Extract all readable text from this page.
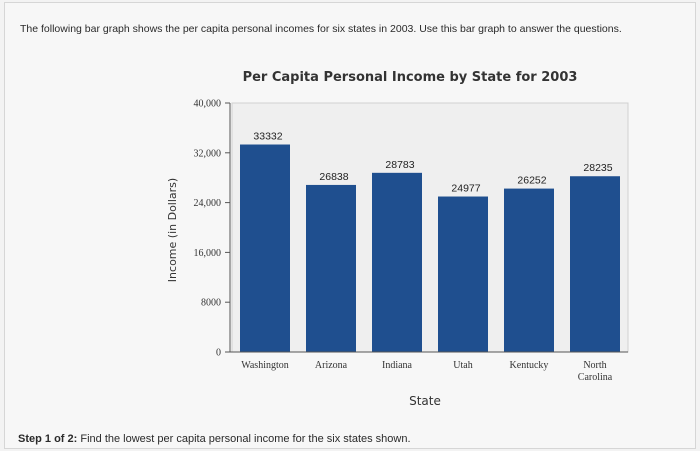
The following bar graph shows the per capita personal incomes for six states in 2003. Use this bar graph to answer the questions.
Per Capita Personal Income by State for 2003
0
8000
16,000
24,000
32,000
40,000
33332
26838
28783
24977
26252
28235
Washington	Arizona	Indiana	Utah	Kentucky	North
Carolina
Income (in Dollars)
State
Step 1 of 2: Find the lowest per capita personal income for the six states shown.
